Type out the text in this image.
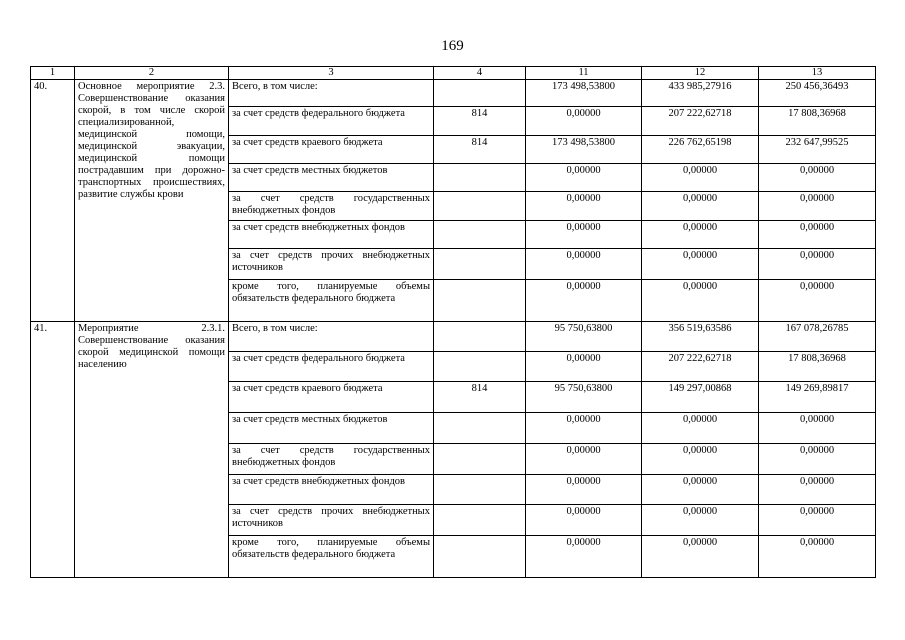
169
1	2	3	4	11	12	13
40.	Основное мероприятие 2.3. Совершенствование оказания скорой, в том числе скорой специализированной, медицинской помощи, медицинской эвакуации, медицинской помощи пострадавшим при дорожно-транспортных происшествиях, развитие службы крови	Всего, в том числе:		173 498,53800	433 985,27916	250 456,36493
		за счет средств федерального бюджета	814	0,00000	207 222,62718	17 808,36968
		за счет средств краевого бюджета	814	173 498,53800	226 762,65198	232 647,99525
		за счет средств местных бюджетов		0,00000	0,00000	0,00000
		за счет средств государственных внебюджетных фондов		0,00000	0,00000	0,00000
		за счет средств внебюджетных фондов		0,00000	0,00000	0,00000
		за счет средств прочих внебюджетных источников		0,00000	0,00000	0,00000
		кроме того, планируемые объемы обязательств федерального бюджета		0,00000	0,00000	0,00000
41.	Мероприятие 2.3.1. Совершенствование оказания скорой медицинской помощи населению	Всего, в том числе:		95 750,63800	356 519,63586	167 078,26785
		за счет средств федерального бюджета		0,00000	207 222,62718	17 808,36968
		за счет средств краевого бюджета	814	95 750,63800	149 297,00868	149 269,89817
		за счет средств местных бюджетов		0,00000	0,00000	0,00000
		за счет средств государственных внебюджетных фондов		0,00000	0,00000	0,00000
		за счет средств внебюджетных фондов		0,00000	0,00000	0,00000
		за счет средств прочих внебюджетных источников		0,00000	0,00000	0,00000
		кроме того, планируемые объемы обязательств федерального бюджета		0,00000	0,00000	0,00000
